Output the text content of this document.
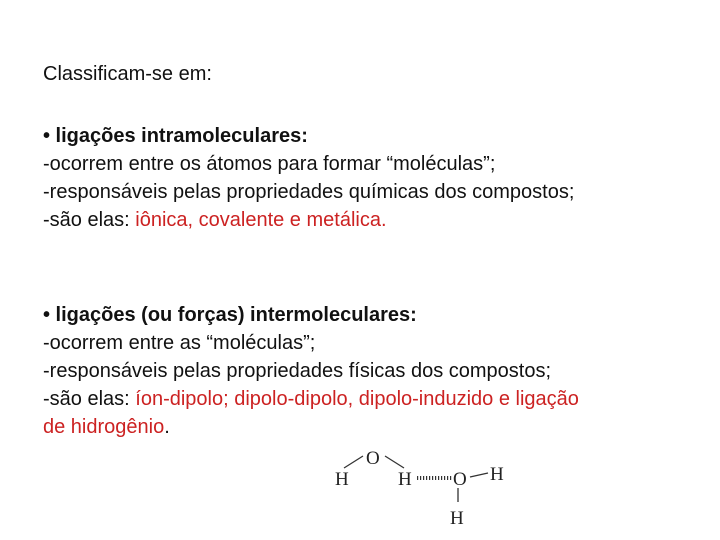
Classificam-se em:
• ligações intramoleculares:
-ocorrem entre os átomos para formar “moléculas”;
-responsáveis pelas propriedades químicas dos compostos;
-são elas: iônica, covalente e metálica.
• ligações (ou forças) intermoleculares:
-ocorrem entre as “moléculas”;
-responsáveis pelas propriedades físicas dos compostos;
-são elas: íon-dipolo; dipolo-dipolo, dipolo-induzido e ligação
de hidrogênio.
O
H	H O H
H
